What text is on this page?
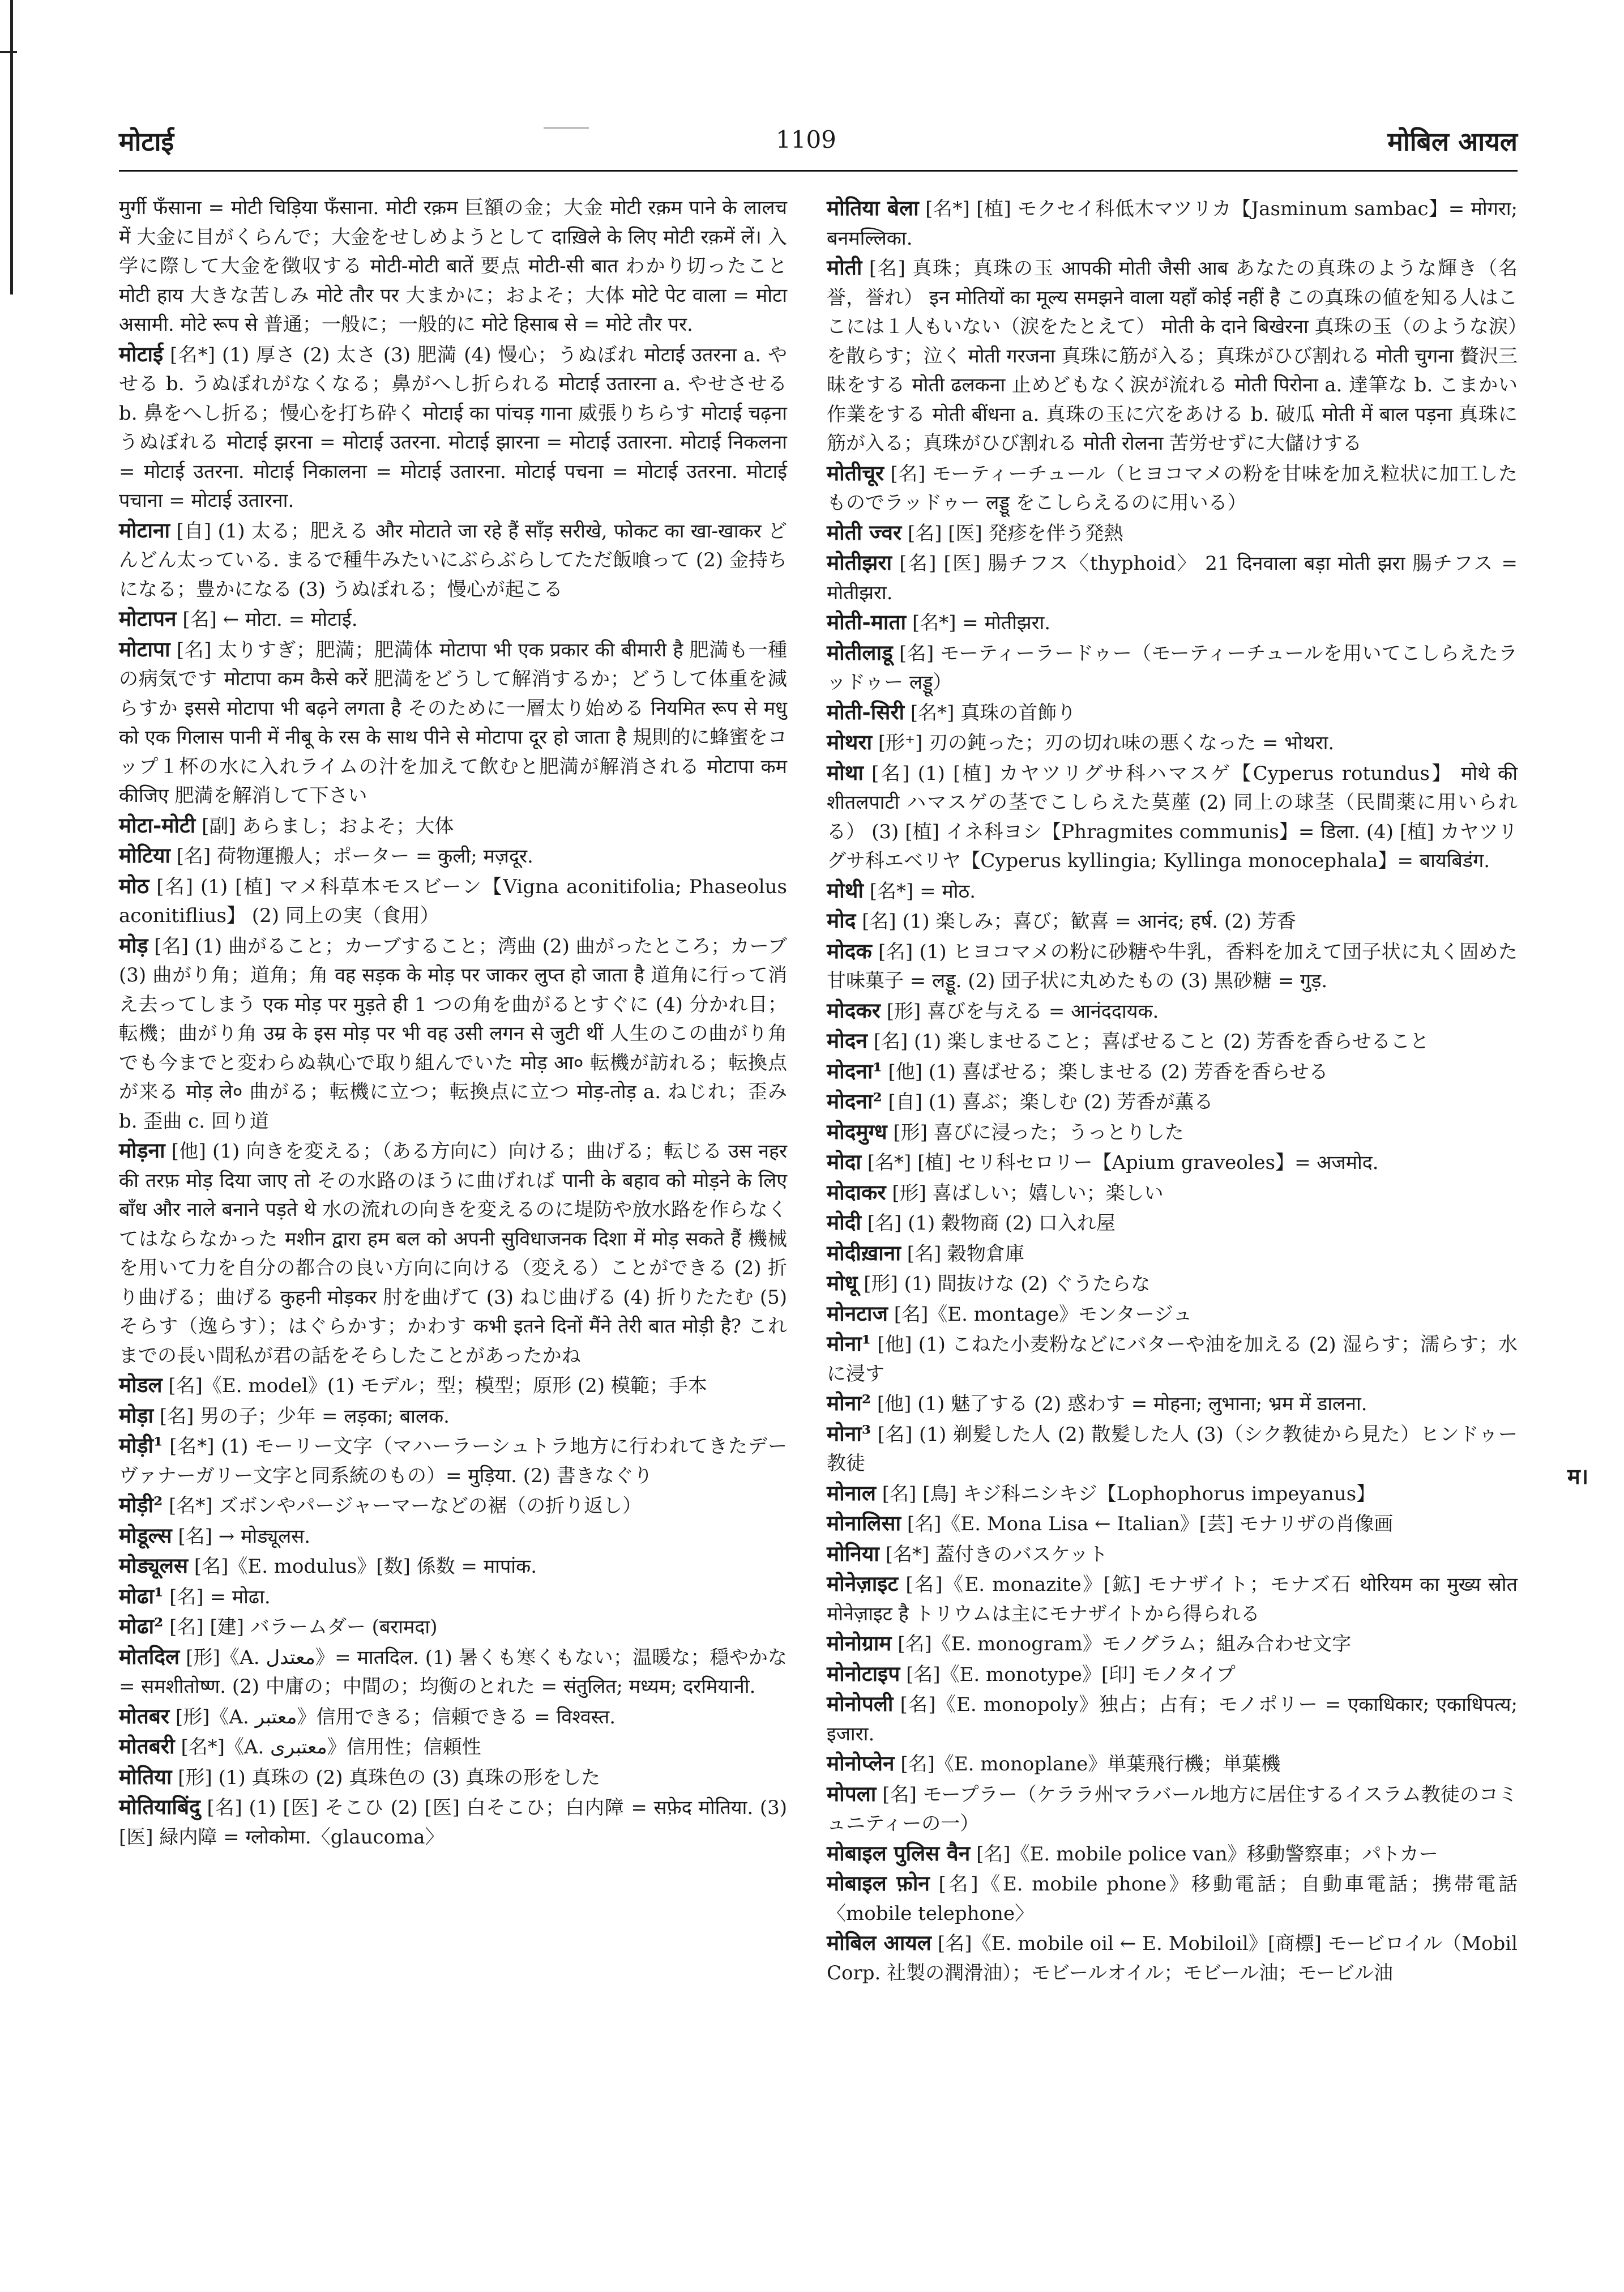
मोटाई	1109	मोबिल आयल

मुर्गी फँसाना = मोटी चिड़िया फँसाना. मोटी रक़म 巨額の金；大金 मोटी रक़म पाने के लालच में 大金に目がくらんで；大金をせしめようとして दाख़िले के लिए मोटी रक़में लें। 入学に際して大金を徴収する मोटी-मोटी बातें 要点 मोटी-सी बात わかり切ったこと मोटी हाय 大きな苦しみ मोटे तौर पर 大まかに；およそ；大体 मोटे पेट वाला = मोटा असामी. मोटे रूप से 普通；一般に；一般的に मोटे हिसाब से = मोटे तौर पर.

मोटाई [名*] (1) 厚さ (2) 太さ (3) 肥満 (4) 慢心；うぬぼれ मोटाई उतरना a. やせる b. うぬぼれがなくなる；鼻がへし折られる मोटाई उतारना a. やせさせる b. 鼻をへし折る；慢心を打ち砕く मोटाई का पांचड़ गाना 威張りちらす मोटाई चढ़ना うぬぼれる मोटाई झरना = मोटाई उतरना. मोटाई झारना = मोटाई उतारना. मोटाई निकलना = मोटाई उतरना. मोटाई निकालना = मोटाई उतारना. मोटाई पचना = मोटाई उतरना. मोटाई पचाना = मोटाई उतारना.

मोटाना [自] (1) 太る；肥える और मोटाते जा रहे हैं साँड़ सरीखे, फोकट का खा-खाकर どんどん太っている. まるで種牛みたいにぶらぶらしてただ飯喰って (2) 金持ちになる；豊かになる (3) うぬぼれる；慢心が起こる

मोटापन [名] ← मोटा. = मोटाई.

मोटापा [名] 太りすぎ；肥満；肥満体 मोटापा भी एक प्रकार की बीमारी है 肥満も一種の病気です मोटापा कम कैसे करें 肥満をどうして解消するか；どうして体重を減らすか इससे मोटापा भी बढ़ने लगता है そのために一層太り始める नियमित रूप से मधु को एक गिलास पानी में नीबू के रस के साथ पीने से मोटापा दूर हो जाता है 規則的に蜂蜜をコップ１杯の水に入れライムの汁を加えて飲むと肥満が解消される मोटापा कम कीजिए 肥満を解消して下さい

मोटा-मोटी [副] あらまし；およそ；大体

मोटिया [名] 荷物運搬人；ポーター = कुली; मज़दूर.

मोठ [名] (1) [植] マメ科草本モスビーン【Vigna aconitifolia; Phaseolus aconitiflius】 (2) 同上の実（食用）

मोड़ [名] (1) 曲がること；カーブすること；湾曲 (2) 曲がったところ；カーブ (3) 曲がり角；道角；角 वह सड़क के मोड़ पर जाकर लुप्त हो जाता है 道角に行って消え去ってしまう एक मोड़ पर मुड़ते ही 1 つの角を曲がるとすぐに (4) 分かれ目；転機；曲がり角 उम्र के इस मोड़ पर भी वह उसी लगन से जुटी थीं 人生のこの曲がり角でも今までと変わらぬ執心で取り組んでいた मोड़ आ० 転機が訪れる；転換点が来る मोड़ ले० 曲がる；転機に立つ；転換点に立つ मोड़-तोड़ a. ねじれ；歪み b. 歪曲 c. 回り道

मोड़ना [他] (1) 向きを変える；（ある方向に）向ける；曲げる；転じる उस नहर की तरफ़ मोड़ दिया जाए तो その水路のほうに曲げれば पानी के बहाव को मोड़ने के लिए बाँध और नाले बनाने पड़ते थे 水の流れの向きを変えるのに堤防や放水路を作らなくてはならなかった मशीन द्वारा हम बल को अपनी सुविधाजनक दिशा में मोड़ सकते हैं 機械を用いて力を自分の都合の良い方向に向ける（変える）ことができる (2) 折り曲げる；曲げる कुहनी मोड़कर 肘を曲げて (3) ねじ曲げる (4) 折りたたむ (5) そらす（逸らす）；はぐらかす；かわす कभी इतने दिनों मैंने तेरी बात मोड़ी है? これまでの長い間私が君の話をそらしたことがあったかね

मोडल [名]《E. model》(1) モデル；型；模型；原形 (2) 模範；手本

मोड़ा [名] 男の子；少年 = लड़का; बालक.

मोड़ी¹ [名*] (1) モーリー文字（マハーラーシュトラ地方に行われてきたデーヴァナーガリー文字と同系統のもの）= मुड़िया. (2) 書きなぐり

मोड़ी² [名*] ズボンやパージャーマーなどの裾（の折り返し）

मोडूल्स [名] → मोड्यूलस.

मोड्यूलस [名]《E. modulus》[数] 係数 = मापांक.

मोढा¹ [名] = मोढा.

मोढा² [名] [建] バラームダー (बरामदा)

मोतदिल [形]《A. معتدل》= मातदिल. (1) 暑くも寒くもない；温暖な；穏やかな = समशीतोष्ण. (2) 中庸の；中間の；均衡のとれた = संतुलित; मध्यम; दरमियानी.

मोतबर [形]《A. معتبر》信用できる；信頼できる = विश्वस्त.

मोतबरी [名*]《A. معتبری》信用性；信頼性

मोतिया [形] (1) 真珠の (2) 真珠色の (3) 真珠の形をした

मोतियाबिंदु [名] (1) [医] そこひ (2) [医] 白そこひ；白内障 = सफ़ेद मोतिया. (3) [医] 緑内障 = ग्लोकोमा.〈glaucoma〉

मोतिया बेला [名*] [植] モクセイ科低木マツリカ【Jasminum sambac】= मोगरा; बनमल्लिका.

मोती [名] 真珠；真珠の玉 आपकी मोती जैसी आब あなたの真珠のような輝き（名誉，誉れ） इन मोतियों का मूल्य समझने वाला यहाँ कोई नहीं है この真珠の値を知る人はここには１人もいない（涙をたとえて） मोती के दाने बिखेरना 真珠の玉（のような涙）を散らす；泣く मोती गरजना 真珠に筋が入る；真珠がひび割れる मोती चुगना 贅沢三昧をする मोती ढलकना 止めどもなく涙が流れる मोती पिरोना a. 達筆な b. こまかい作業をする मोती बींधना a. 真珠の玉に穴をあける b. 破瓜 मोती में बाल पड़ना 真珠に筋が入る；真珠がひび割れる मोती रोलना 苦労せずに大儲けする

मोतीचूर [名] モーティーチュール（ヒヨコマメの粉を甘味を加え粒状に加工したものでラッドゥー लड्डू をこしらえるのに用いる）

मोती ज्वर [名] [医] 発疹を伴う発熱

मोतीझरा [名] [医] 腸チフス〈thyphoid〉 21 दिनवाला बड़ा मोती झरा 腸チフス = मोतीझरा.

मोती-माता [名*] = मोतीझरा.

मोतीलाडू [名] モーティーラードゥー（モーティーチュールを用いてこしらえたラッドゥー लड्डू）

मोती-सिरी [名*] 真珠の首飾り

मोथरा [形⁺] 刃の鈍った；刃の切れ味の悪くなった = भोथरा.

मोथा [名] (1) [植] カヤツリグサ科ハマスゲ【Cyperus rotundus】 मोथे की शीतलपाटी ハマスゲの茎でこしらえた茣蓙 (2) 同上の球茎（民間薬に用いられる） (3) [植] イネ科ヨシ【Phragmites communis】= डिला. (4) [植] カヤツリグサ科エベリヤ【Cyperus kyllingia; Kyllinga monocephala】= बायबिडंग.

मोथी [名*] = मोठ.

मोद [名] (1) 楽しみ；喜び；歓喜 = आनंद; हर्ष. (2) 芳香

मोदक [名] (1) ヒヨコマメの粉に砂糖や牛乳，香料を加えて団子状に丸く固めた甘味菓子 = लड्डू. (2) 団子状に丸めたもの (3) 黒砂糖 = गुड़.

मोदकर [形] 喜びを与える = आनंददायक.

मोदन [名] (1) 楽しませること；喜ばせること (2) 芳香を香らせること

मोदना¹ [他] (1) 喜ばせる；楽しませる (2) 芳香を香らせる

मोदना² [自] (1) 喜ぶ；楽しむ (2) 芳香が薫る

मोदमुग्ध [形] 喜びに浸った；うっとりした

मोदा [名*] [植] セリ科セロリー【Apium graveoles】= अजमोद.

मोदाकर [形] 喜ばしい；嬉しい；楽しい

मोदी [名] (1) 穀物商 (2) 口入れ屋

मोदीख़ाना [名] 穀物倉庫

मोधू [形] (1) 間抜けな (2) ぐうたらな

मोनटाज [名]《E. montage》モンタージュ

मोना¹ [他] (1) こねた小麦粉などにバターや油を加える (2) 湿らす；濡らす；水に浸す

मोना² [他] (1) 魅了する (2) 惑わす = मोहना; लुभाना; भ्रम में डालना.

मोना³ [名] (1) 剃髪した人 (2) 散髪した人 (3)（シク教徒から見た）ヒンドゥー教徒

मोनाल [名] [鳥] キジ科ニシキジ【Lophophorus impeyanus】

मोनालिसा [名]《E. Mona Lisa ← Italian》[芸] モナリザの肖像画

मोनिया [名*] 蓋付きのバスケット

मोनेज़ाइट [名]《E. monazite》[鉱] モナザイト；モナズ石 थोरियम का मुख्य स्रोत मोनेज़ाइट है トリウムは主にモナザイトから得られる

मोनोग्राम [名]《E. monogram》モノグラム；組み合わせ文字

मोनोटाइप [名]《E. monotype》[印] モノタイプ

मोनोपली [名]《E. monopoly》独占；占有；モノポリー = एकाधिकार; एकाधिपत्य; इजारा.

मोनोप्लेन [名]《E. monoplane》単葉飛行機；単葉機

मोपला [名] モープラー（ケララ州マラバール地方に居住するイスラム教徒のコミュニティーの一）

मोबाइल पुलिस वैन [名]《E. mobile police van》移動警察車；パトカー

मोबाइल फ़ोन [名]《E. mobile phone》移動電話；自動車電話；携帯電話〈mobile telephone〉

मोबिल आयल [名]《E. mobile oil ← E. Mobiloil》[商標] モービロイル（Mobil Corp. 社製の潤滑油）；モビールオイル；モビール油；モービル油

म।
